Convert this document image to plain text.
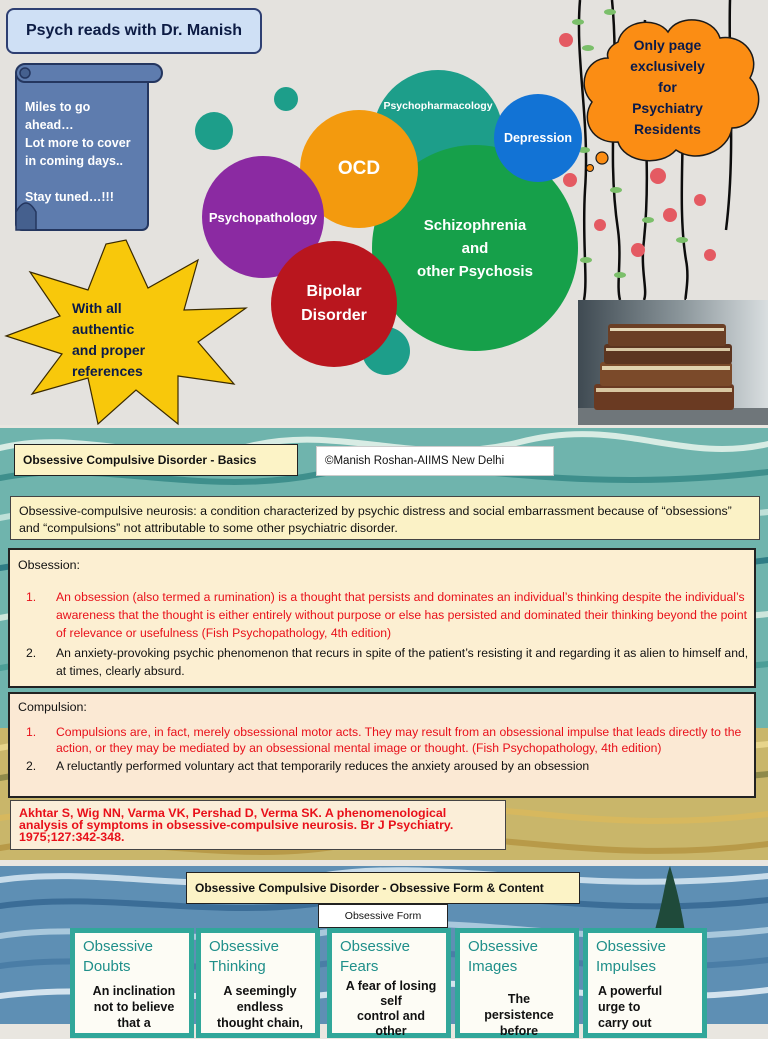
Psych reads with Dr. Manish
Miles to go
ahead…
Lot more to cover
in coming days..
Stay tuned…!!!
Psychopharmacology
Schizophrenia
and
other Psychosis
Depression
OCD
Psychopathology
Bipolar
Disorder
Only page
exclusively
for
Psychiatry
Residents
With all
authentic
and proper
references
Obsessive Compulsive Disorder - Basics	©Manish Roshan-AIIMS New Delhi
Obsessive-compulsive neurosis: a condition characterized by psychic distress and social embarrassment because of “obsessions” and “compulsions” not attributable to some other psychiatric disorder.
Obsession:
1. An obsession (also termed a rumination) is a thought that persists and dominates an individual’s thinking despite the individual’s awareness that the thought is either entirely without purpose or else has persisted and dominated their thinking beyond the point of relevance or usefulness (Fish Psychopathology, 4th edition)
2. An anxiety-provoking psychic phenomenon that recurs in spite of the patient’s resisting it and regarding it as alien to himself and, at times, clearly absurd.
Compulsion:
1. Compulsions are, in fact, merely obsessional motor acts. They may result from an obsessional impulse that leads directly to the action, or they may be mediated by an obsessional mental image or thought. (Fish Psychopathology, 4th edition)
2. A reluctantly performed voluntary act that temporarily reduces the anxiety aroused by an obsession
Akhtar S, Wig NN, Varma VK, Pershad D, Verma SK. A phenomenological analysis of symptoms in obsessive-compulsive neurosis. Br J Psychiatry. 1975;127:342-348.
Obsessive Compulsive Disorder - Obsessive Form & Content
Obsessive Form
Obsessive
Doubts
An inclination
not to believe
that a
Obsessive
Thinking
A seemingly
endless
thought chain,
Obsessive
Fears
A fear of losing
self
control and
other
Obsessive
Images
The
persistence
before
Obsessive
Impulses
A powerful
urge to
carry out
